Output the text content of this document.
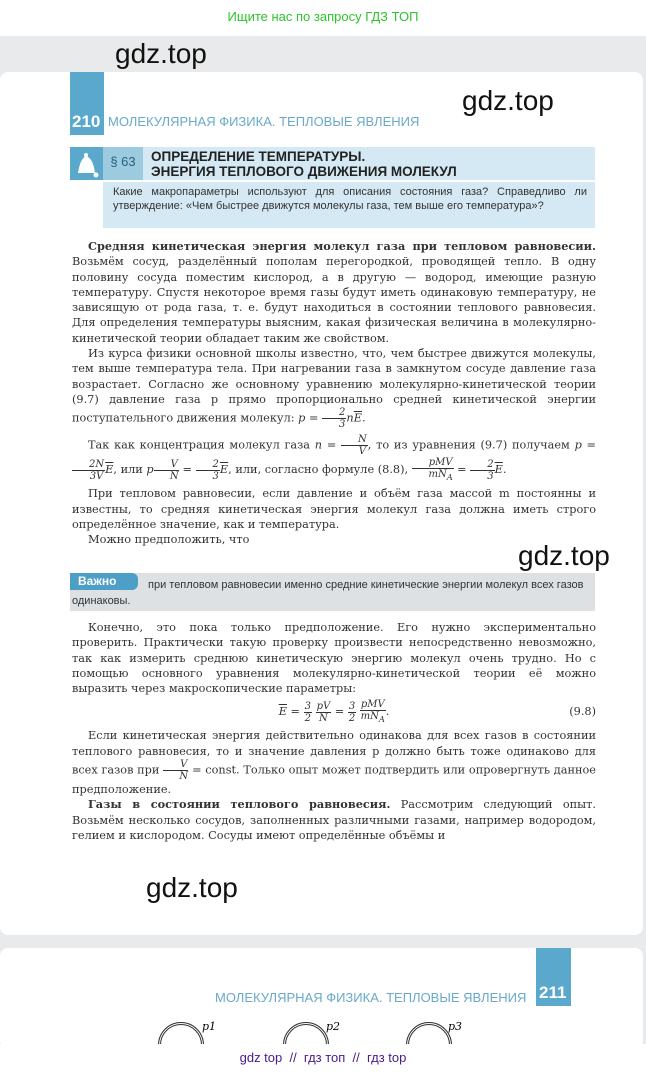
Ищите нас по запросу ГДЗ ТОП
210 МОЛЕКУЛЯРНАЯ ФИЗИКА. ТЕПЛОВЫЕ ЯВЛЕНИЯ
§ 63	ОПРЕДЕЛЕНИЕ ТЕМПЕРАТУРЫ.
ЭНЕРГИЯ ТЕПЛОВОГО ДВИЖЕНИЯ МОЛЕКУЛ
Какие макропараметры используют для описания состояния газа? Справедливо ли утверждение: «Чем быстрее движутся молекулы газа, тем выше его температура»?

Средняя кинетическая энергия молекул газа при тепловом равновесии. Возьмём сосуд, разделённый пополам перегородкой, проводящей тепло. В одну половину сосуда поместим кислород, а в другую — водород, имеющие разную температуру. Спустя некоторое время газы будут иметь одинаковую температуру, не зависящую от рода газа, т. е. будут находиться в состоянии теплового равновесия. Для определения температуры выясним, какая физическая величина в молекулярно-кинетической теории обладает таким же свойством.

Из курса физики основной школы известно, что, чем быстрее движутся молекулы, тем выше температура тела. При нагревании газа в замкнутом сосуде давление газа возрастает. Согласно же основному уравнению молекулярно-кинетической теории (9.7) давление газа p прямо пропорционально средней кинетической энергии поступательного движения молекул: $p = \frac{2}{3} n\overline{E}$.

Так как концентрация молекул газа $n = \frac{N}{V}$ , то из уравнения (9.7) получаем p =
$\frac{2N}{3V} \overline{E}$, или p $\frac{V}{N} = \frac{2}{3} \overline{E}$, или, согласно формуле (8.8),
pMV
$mN_A$
= $\frac{2}{3} \overline{E}$.

При тепловом равновесии, если давление и объём газа массой m постоянны и известны, то средняя кинетическая энергия молекул газа должна иметь строго определённое значение, как и температура.

Можно предположить, что

Важно	при тепловом равновесии именно средние кинетические энергии молекул всех газов одинаковы.

Конечно, это пока только предположение. Его нужно экспериментально проверить. Практически такую проверку произвести непосредственно невозможно, так как измерить среднюю кинетическую энергию молекул очень трудно. Но с помощью основного уравнения молекулярно-кинетической теории её можно выразить через макроскопические параметры:

$\overline{E} = \frac{3}{2}$
$\frac{pV}{N} = \frac{3}{2}$
pMV
$mN_A$
.	(9.8)

Если кинетическая энергия действительно одинакова для всех газов в состоянии теплового равновесия, то и значение давления p должно быть тоже одинаково для всех газов при $\frac{V}{N}$ = const. Только опыт может подтвердить или опровергнуть данное предположение.

Газы в состоянии теплового равновесия. Рассмотрим следующий опыт. Возьмём несколько сосудов, заполненных различными газами, например водородом, гелием и кислородом. Сосуды имеют определённые объёмы и

gdz.top
gdz.top
gdz.top
gdz.top
МОЛЕКУЛЯРНАЯ ФИЗИКА. ТЕПЛОВЫЕ ЯВЛЕНИЯ 211
p1	p2	p3
gdz top  //  гдз топ  //  гдз top
